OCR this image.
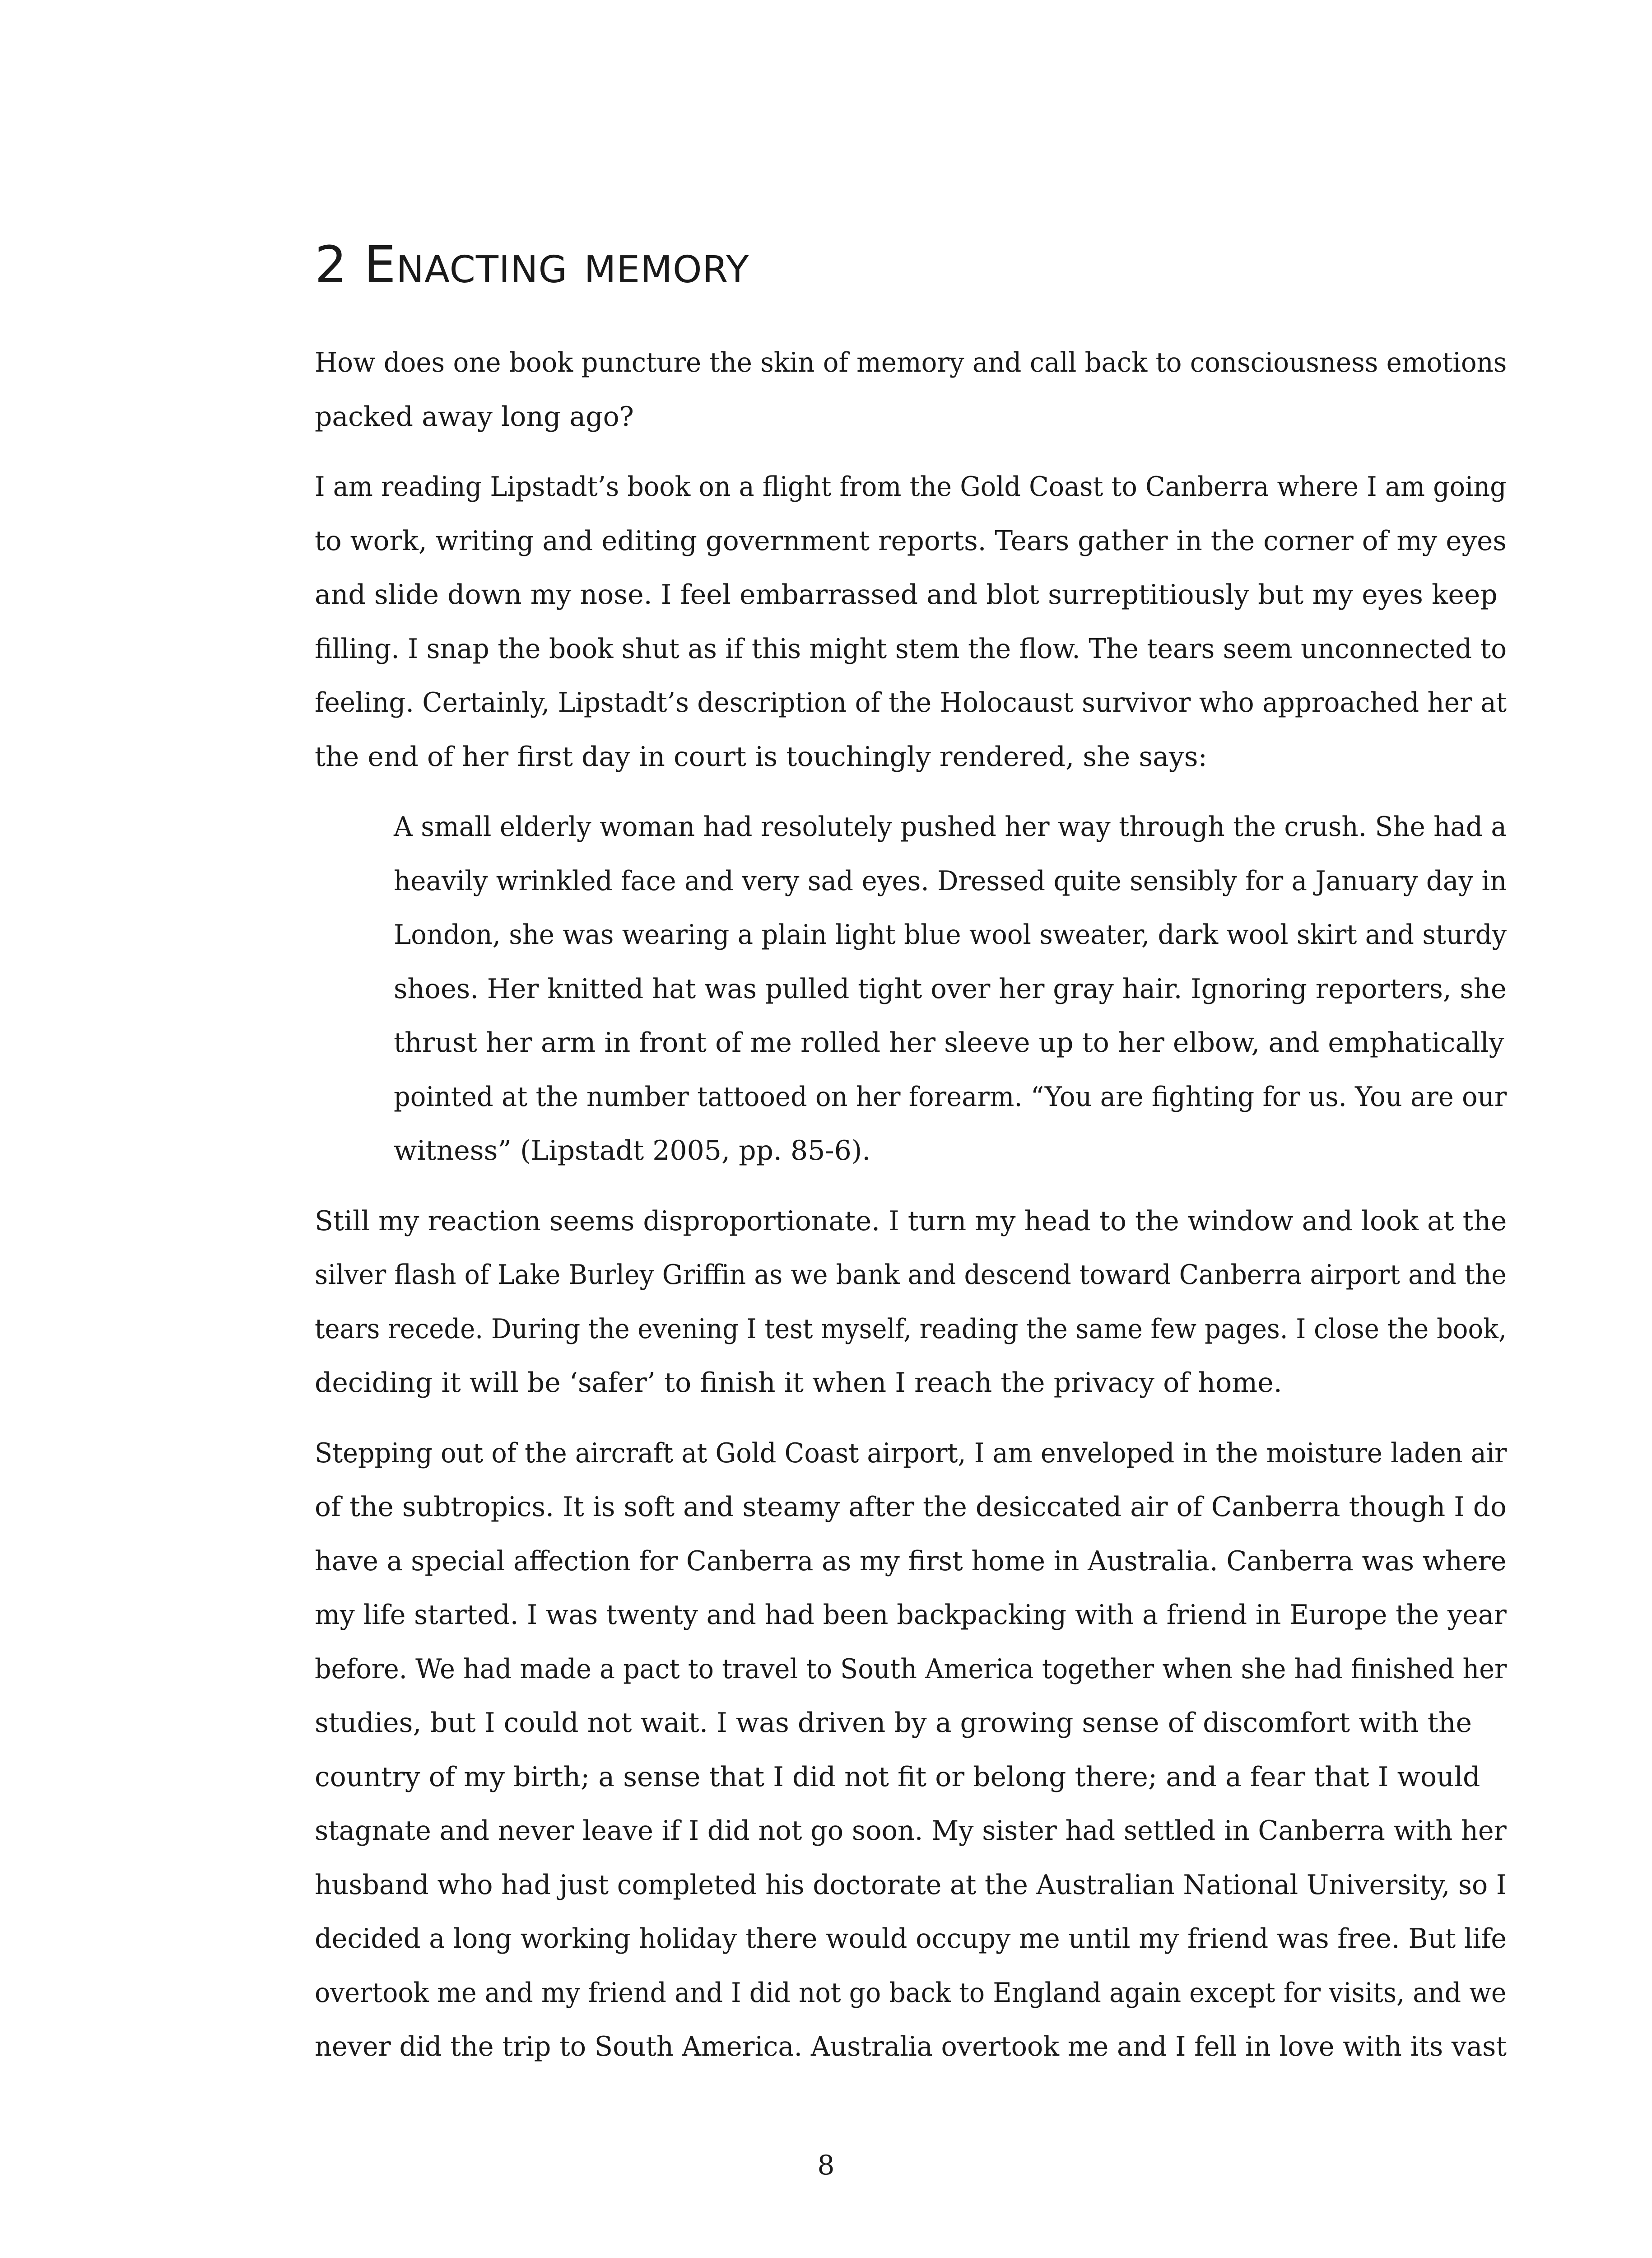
2 ENACTING MEMORY

How does one book puncture the skin of memory and call back to consciousness emotions
packed away long ago?

I am reading Lipstadt’s book on a flight from the Gold Coast to Canberra where I am going
to work, writing and editing government reports. Tears gather in the corner of my eyes
and slide down my nose. I feel embarrassed and blot surreptitiously but my eyes keep
filling. I snap the book shut as if this might stem the flow. The tears seem unconnected to
feeling. Certainly, Lipstadt’s description of the Holocaust survivor who approached her at
the end of her first day in court is touchingly rendered, she says:

A small elderly woman had resolutely pushed her way through the crush. She had a
heavily wrinkled face and very sad eyes. Dressed quite sensibly for a January day in
London, she was wearing a plain light blue wool sweater, dark wool skirt and sturdy
shoes. Her knitted hat was pulled tight over her gray hair. Ignoring reporters, she
thrust her arm in front of me rolled her sleeve up to her elbow, and emphatically
pointed at the number tattooed on her forearm. “You are fighting for us. You are our
witness” (Lipstadt 2005, pp. 85-6).

Still my reaction seems disproportionate. I turn my head to the window and look at the
silver flash of Lake Burley Griffin as we bank and descend toward Canberra airport and the
tears recede. During the evening I test myself, reading the same few pages. I close the book,
deciding it will be ‘safer’ to finish it when I reach the privacy of home.

Stepping out of the aircraft at Gold Coast airport, I am enveloped in the moisture laden air
of the subtropics. It is soft and steamy after the desiccated air of Canberra though I do
have a special affection for Canberra as my first home in Australia. Canberra was where
my life started. I was twenty and had been backpacking with a friend in Europe the year
before. We had made a pact to travel to South America together when she had finished her
studies, but I could not wait. I was driven by a growing sense of discomfort with the
country of my birth; a sense that I did not fit or belong there; and a fear that I would
stagnate and never leave if I did not go soon. My sister had settled in Canberra with her
husband who had just completed his doctorate at the Australian National University, so I
decided a long working holiday there would occupy me until my friend was free. But life
overtook me and my friend and I did not go back to England again except for visits, and we
never did the trip to South America. Australia overtook me and I fell in love with its vast

8
